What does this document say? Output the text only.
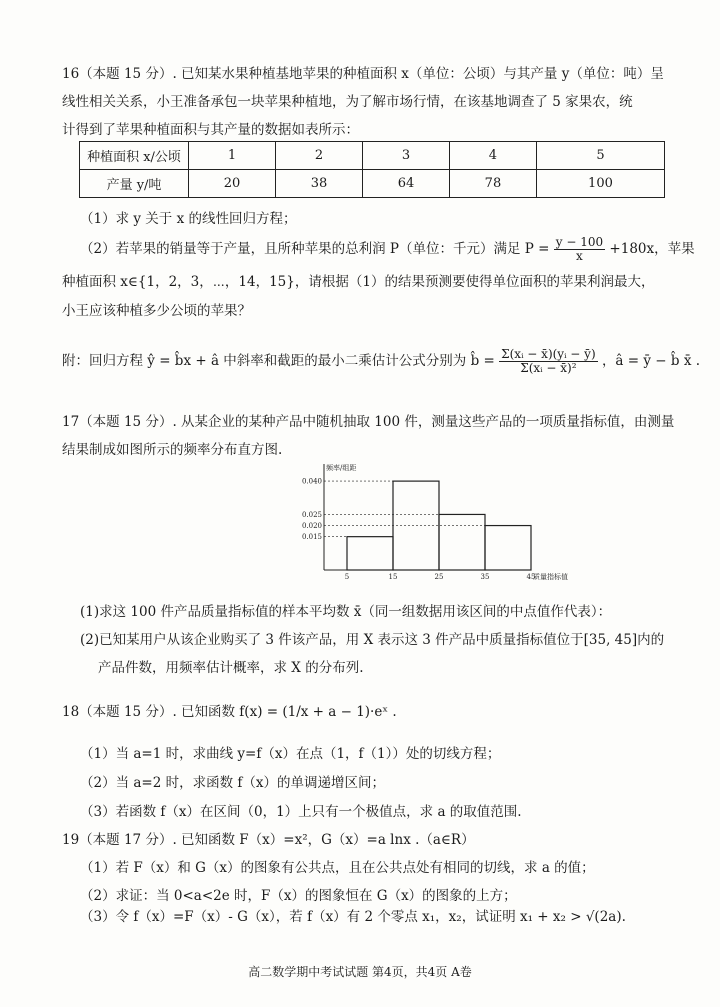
16（本题 15 分）. 已知某水果种植基地苹果的种植面积 x（单位：公顷）与其产量 y（单位：吨）呈
线性相关关系，小王准备承包一块苹果种植地，为了解市场行情，在该基地调查了 5 家果农，统
计得到了苹果种植面积与其产量的数据如表所示：
种植面积 x/公顷	1	2	3	4	5
产量 y/吨	20	38	64	78	100
（1）求 y 关于 x 的线性回归方程；
（2）若苹果的销量等于产量，且所种苹果的总利润 P（单位：千元）满足 $P = \frac{y - 100}{x} +180x$，苹果
种植面积 x∈{1，2，3，⋯，14，15}，请根据（1）的结果预测要使得单位面积的苹果利润最大，
小王应该种植多少公顷的苹果？
附：回归方程 ŷ = b̂x + â 中斜率和截距的最小二乘估计公式分别为 b̂ = $\frac{\text{Σ(xᵢ − x̄)(yᵢ − ȳ)}}{\text{Σ(xᵢ − x̄)²}}$ ，â = ȳ − b̂ x̄ .
17（本题 15 分）. 从某企业的某种产品中随机抽取 100 件，测量这些产品的一项质量指标值，由测量
结果制成如图所示的频率分布直方图.
频率/组距
0.040
0.025
0.020
0.015
5	15	25	35	45
质量指标值
(1)求这 100 件产品质量指标值的样本平均数 x̄（同一组数据用该区间的中点值作代表）：
(2)已知某用户从该企业购买了 3 件该产品，用 X 表示这 3 件产品中质量指标值位于[35, 45]内的
产品件数，用频率估计概率，求 X 的分布列.
18（本题 15 分）. 已知函数 f(x) = (1/x + a − 1)·eˣ .
（1）当 a=1 时，求曲线 y=f（x）在点（1，f（1））处的切线方程；
（2）当 a=2 时，求函数 f（x）的单调递增区间；
（3）若函数 f（x）在区间（0，1）上只有一个极值点，求 a 的取值范围.
19（本题 17 分）. 已知函数 F（x）=x²，G（x）=a lnx .（a∈R）
（1）若 F（x）和 G（x）的图象有公共点，且在公共点处有相同的切线，求 a 的值；
（2）求证：当 0<a<2e 时，F（x）的图象恒在 G（x）的图象的上方；
（3）令 f（x）=F（x）- G（x），若 f（x）有 2 个零点 x₁，x₂，试证明 x₁ + x₂ > √(2a).
高二数学期中考试试题 第4页，共4页 A卷
